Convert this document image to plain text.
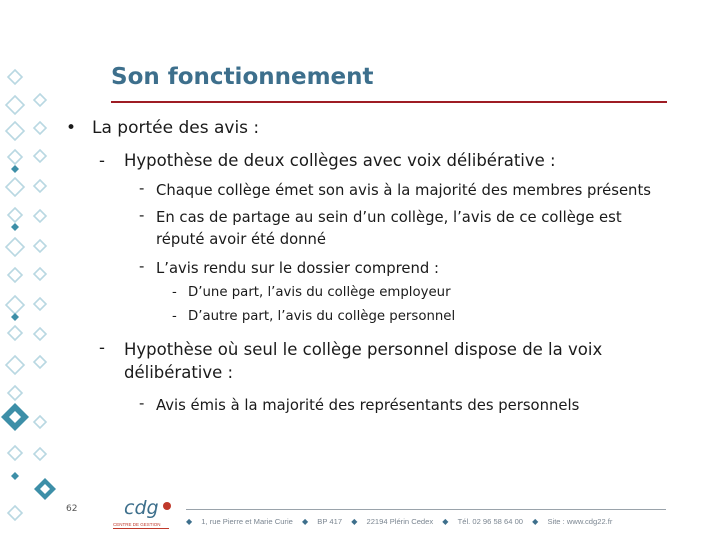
Son fonctionnement
• La portée des avis :
- Hypothèse de deux collèges avec voix délibérative :
- Chaque collège émet son avis à la majorité des membres présents
- En cas de partage au sein d’un collège, l’avis de ce collège est réputé avoir été donné
- L’avis rendu sur le dossier comprend :
- D’une part, l’avis du collège employeur
- D’autre part, l’avis du collège personnel
- Hypothèse où seul le collège personnel dispose de la voix délibérative :
- Avis émis à la majorité des représentants des personnels
62 cdg
CENTRE DE GESTION	◆ 1, rue Pierre et Marie Curie ◆ BP 417 ◆ 22194 Plérin Cedex ◆ Tél. 02 96 58 64 00 ◆ Site : www.cdg22.fr
